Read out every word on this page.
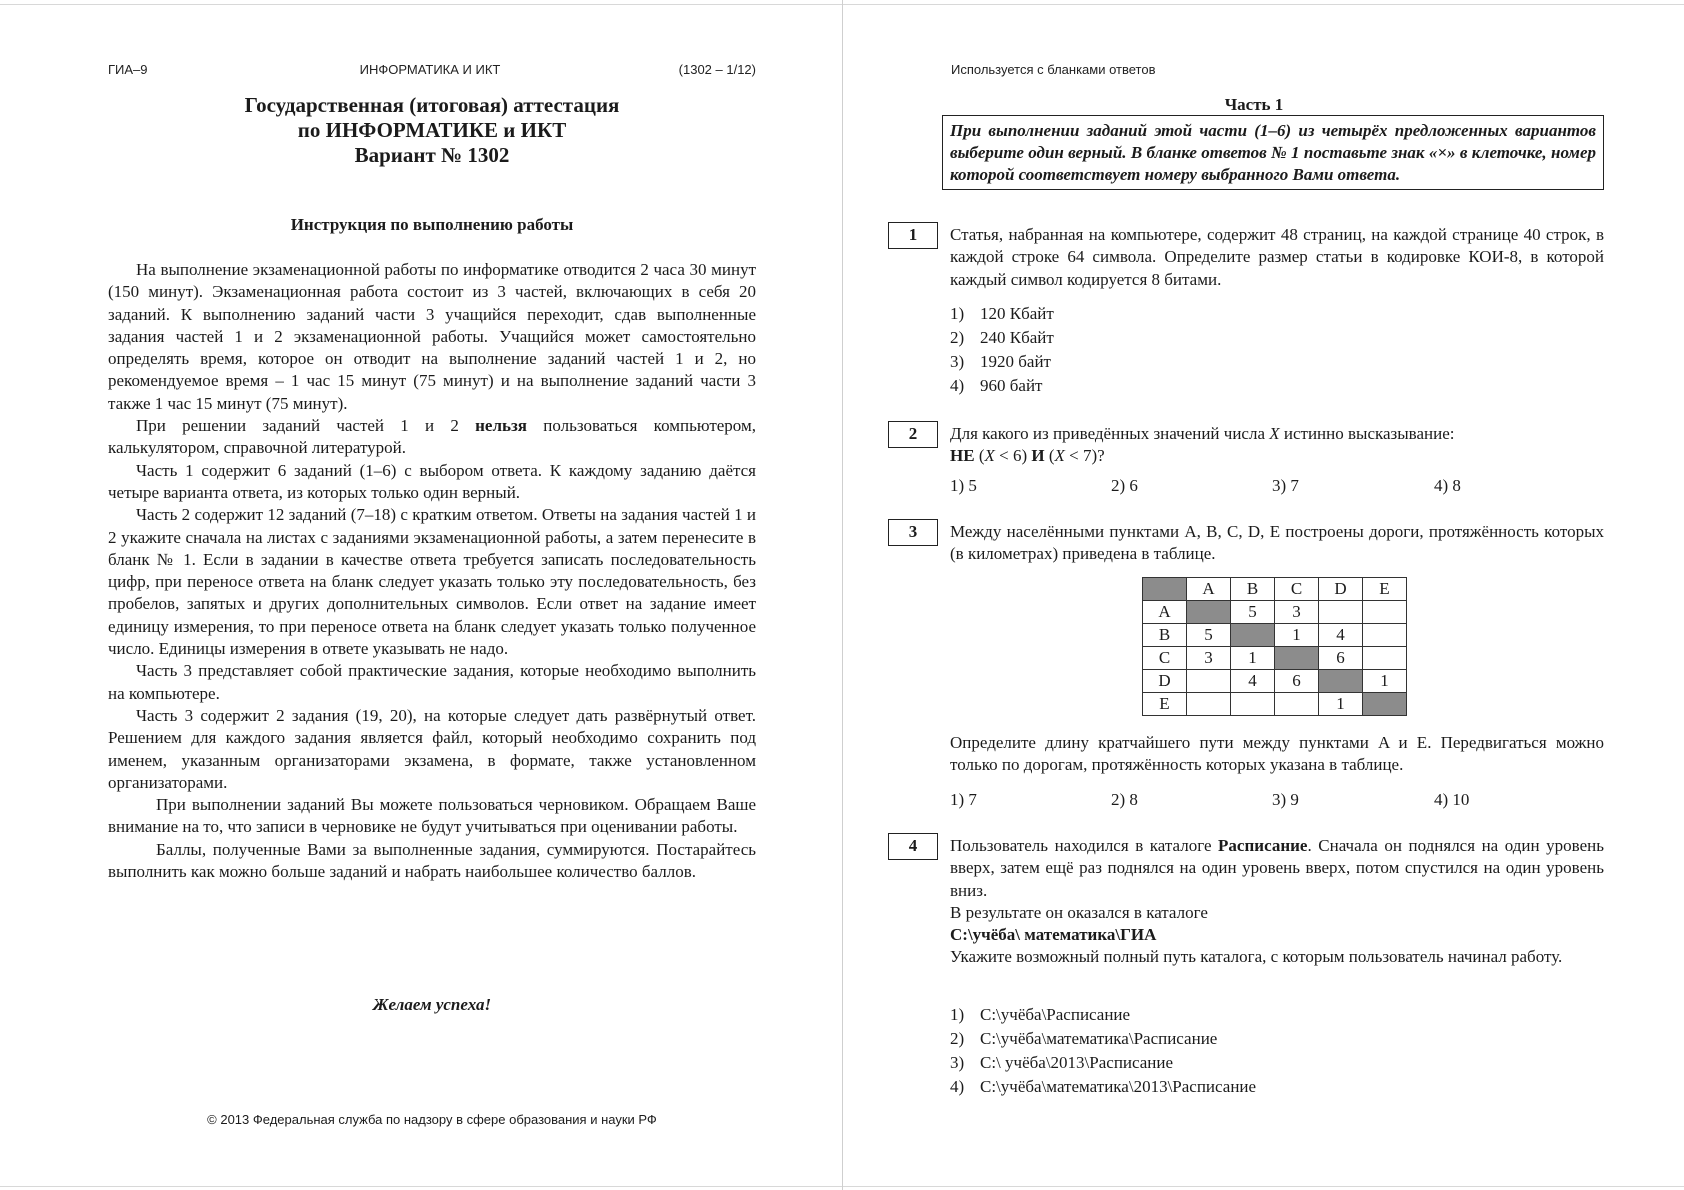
ГИА–9	ИНФОРМАТИКА И ИКТ	(1302 – 1/12)
Государственная (итоговая) аттестация
по ИНФОРМАТИКЕ и ИКТ
Вариант № 1302
Инструкция по выполнению работы

На выполнение экзаменационной работы по информатике отводится 2 часа 30 минут (150 минут). Экзаменационная работа состоит из 3 частей, включающих в себя 20 заданий. К выполнению заданий части 3 учащийся переходит, сдав выполненные задания частей 1 и 2 экзаменационной работы. Учащийся может самостоятельно определять время, которое он отводит на выполнение заданий частей 1 и 2, но рекомендуемое время – 1 час 15 минут (75 минут) и на выполнение заданий части 3 также 1 час 15 минут (75 минут).

При решении заданий частей 1 и 2 нельзя пользоваться компьютером, калькулятором, справочной литературой.

Часть 1 содержит 6 заданий (1–6) с выбором ответа. К каждому заданию даётся четыре варианта ответа, из которых только один верный.

Часть 2 содержит 12 заданий (7–18) с кратким ответом. Ответы на задания частей 1 и 2 укажите сначала на листах с заданиями экзаменационной работы, а затем перенесите в бланк № 1. Если в задании в качестве ответа требуется записать последовательность цифр, при переносе ответа на бланк следует указать только эту последовательность, без пробелов, запятых и других дополнительных символов. Если ответ на задание имеет единицу измерения, то при переносе ответа на бланк следует указать только полученное число. Единицы измерения в ответе указывать не надо.

Часть 3 представляет собой практические задания, которые необходимо выполнить на компьютере.

Часть 3 содержит 2 задания (19, 20), на которые следует дать развёрнутый ответ. Решением для каждого задания является файл, который необходимо сохранить под именем, указанным организаторами экзамена, в формате, также установленном организаторами.

При выполнении заданий Вы можете пользоваться черновиком. Обращаем Ваше внимание на то, что записи в черновике не будут учитываться при оценивании работы.

Баллы, полученные Вами за выполненные задания, суммируются. Постарайтесь выполнить как можно больше заданий и набрать наибольшее количество баллов.

Желаем успеха!
© 2013 Федеральная служба по надзору в сфере образования и науки РФ
Используется с бланками ответов
Часть 1
При выполнении заданий этой части (1–6) из четырёх предложенных вариантов выберите один верный. В бланке ответов № 1 поставьте знак «×» в клеточке, номер которой соответствует номеру выбранного Вами ответа.
1	Статья, набранная на компьютере, содержит 48 страниц, на каждой странице 40 строк, в каждой строке 64 символа. Определите размер статьи в кодировке КОИ-8, в которой каждый символ кодируется 8 битами.
1) 120 Кбайт
2) 240 Кбайт
3) 1920 байт
4) 960 байт
2	Для какого из приведённых значений числа X истинно высказывание:
НЕ (X < 6) И (X < 7)?
1) 5	2) 6	3) 7	4) 8
3	Между населёнными пунктами A, B, C, D, E построены дороги, протяжённость которых (в километрах) приведена в таблице.
	A	B	C	D	E
A		5	3		
B	5		1	4	
C	3	1		6	
D		4	6		1
E				1	
Определите длину кратчайшего пути между пунктами A и E. Передвигаться можно только по дорогам, протяжённость которых указана в таблице.
1) 7	2) 8	3) 9	4) 10
4	Пользователь находился в каталоге Расписание. Сначала он поднялся на один уровень вверх, затем ещё раз поднялся на один уровень вверх, потом спустился на один уровень вниз.
В результате он оказался в каталоге
С:\учёба\ математика\ГИА
Укажите возможный полный путь каталога, с которым пользователь начинал работу.
1) С:\учёба\Расписание
2) С:\учёба\математика\Расписание
3) С:\ учёба\2013\Расписание
4) С:\учёба\математика\2013\Расписание
